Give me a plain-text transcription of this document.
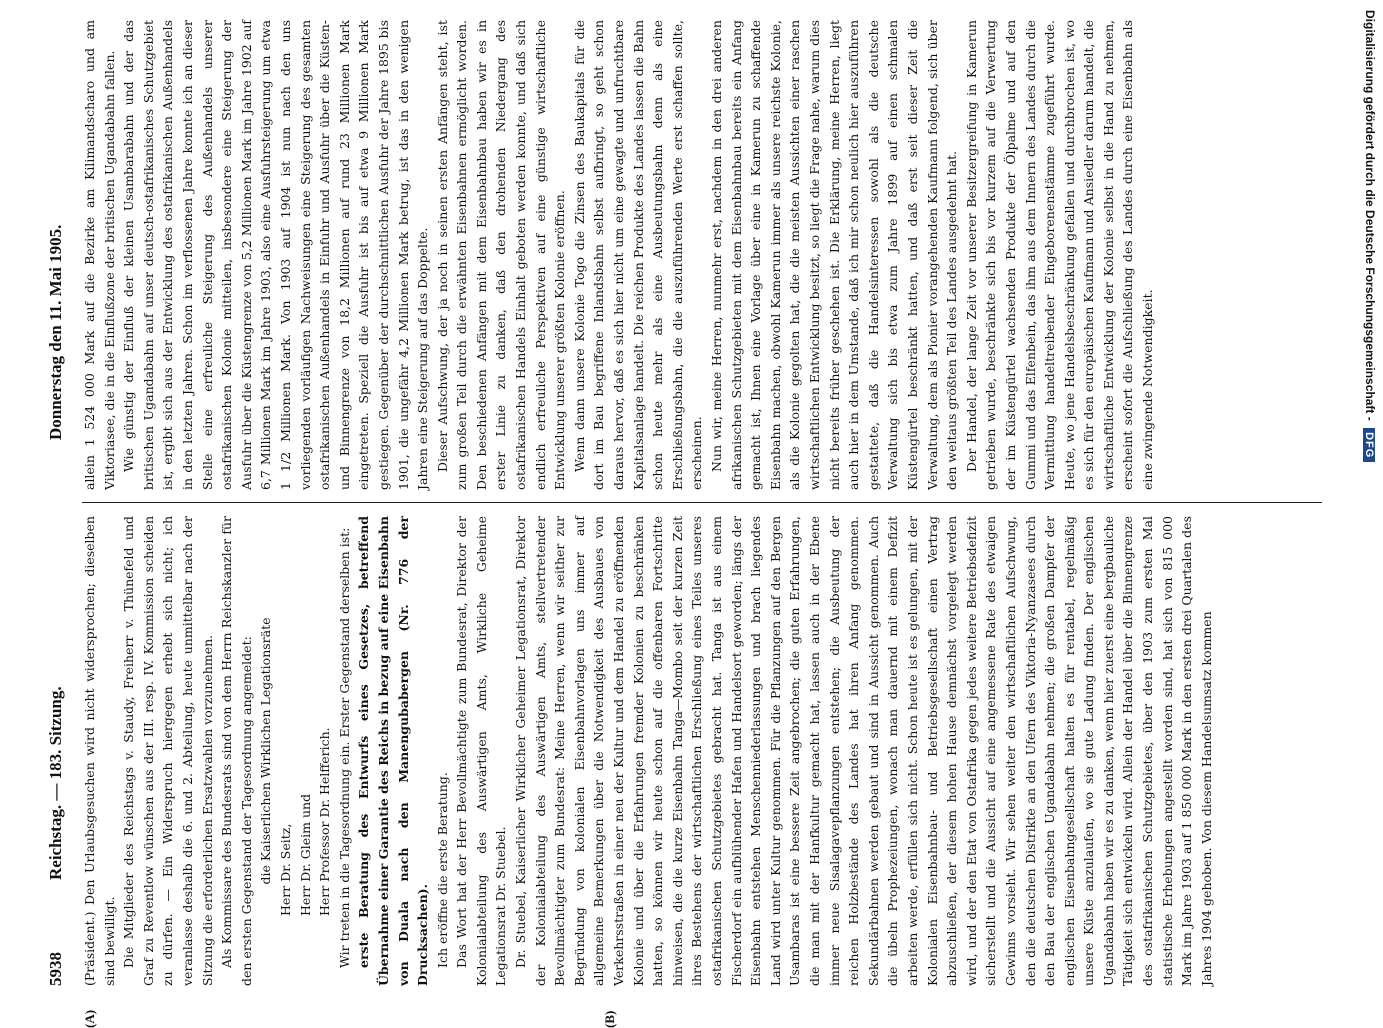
5938
Reichstag. — 183. Sitzung.
Donnerstag den 11. Mai 1905.
(A)	(B)

(Präsident.) Den Urlaubsgesuchen wird nicht widersprochen; dieselben sind bewilligt. Die Mitglieder des Reichstags v. Staudy, Freiherr v. Thünefeld und Graf zu Reventlow wünschen aus der III. resp. IV. Kommission scheiden zu dürfen. — Ein Widerspruch hiergegen erhebt sich nicht; ich veranlasse deshalb die 6. und 2. Abteilung, heute unmittelbar nach der Sitzung die erforderlichen Ersatzwahlen vorzunehmen. Als Kommissare des Bundesrats sind von dem Herrn Reichskanzler für den ersten Gegenstand der Tagesordnung angemeldet: die Kaiserlichen Wirklichen Legationsräte Herr Dr. Seitz, Herr Dr. Gleim und Herr Professor Dr. Helfferich. Wir treten in die Tagesordnung ein. Erster Gegenstand derselben ist: erste Beratung des Entwurfs eines Gesetzes, betreffend Übernahme einer Garantie des Reichs in bezug auf eine Eisenbahn von Duala nach den Manengubabergen (Nr. 776 der Drucksachen). Ich eröffne die erste Beratung. Das Wort hat der Herr Bevollmächtigte zum Bundesrat, Direktor der Kolonialabteilung des Auswärtigen Amts, Wirkliche Geheime Legationsrat Dr. Stuebel. Dr. Stuebel, Kaiserlicher Wirklicher Geheimer Legationsrat, Direktor der Kolonialabteilung des Auswärtigen Amts, stellvertretender Bevollmächtigter zum Bundesrat: Meine Herren, wenn wir seither zur Begründung von kolonialen Eisenbahnvorlagen uns immer auf allgemeine Bemerkungen über die Notwendigkeit des Ausbaues von Verkehrsstraßen in einer neu der Kultur und dem Handel zu eröffnenden Kolonie und über die Erfahrungen fremder Kolonien zu beschränken hatten, so können wir heute schon auf die offenbaren Fortschritte hinweisen, die die kurze Eisenbahn Tanga—Mombo seit der kurzen Zeit ihres Bestehens der wirtschaftlichen Erschließung eines Teiles unseres ostafrikanischen Schutzgebietes gebracht hat. Tanga ist aus einem Fischerdorf ein aufblühender Hafen und Handelsort geworden; längs der Eisenbahn entstehen Menschenniederlassungen und brach liegendes Land wird unter Kultur genommen. Für die Pflanzungen auf den Bergen Usambaras ist eine bessere Zeit angebrochen; die guten Erfahrungen, die man mit der Hanfkultur gemacht hat, lassen auch in der Ebene immer neue Sisalagavepflanzungen entstehen; die Ausbeutung der reichen Holzbestände des Landes hat ihren Anfang genommen. Sekundärbahnen werden gebaut und sind in Aussicht genommen. Auch die übeln Prophezeiungen, wonach man dauernd mit einem Defizit arbeiten werde, erfüllen sich nicht. Schon heute ist es gelungen, mit der Kolonialen Eisenbahnbau- und Betriebsgesellschaft einen Vertrag abzuschließen, der diesem hohen Hause demnächst vorgelegt werden wird, und der den Etat von Ostafrika gegen jedes weitere Betriebsdefizit sicherstellt und die Aussicht auf eine angemessene Rate des etwaigen Gewinns vorsieht. Wir sehen weiter den wirtschaftlichen Aufschwung, den die deutschen Distrikte an den Ufern des Viktoria-Nyanzasees durch den Bau der englischen Ugandabahn nehmen; die großen Dampfer der englischen Eisenbahngesellschaft halten es für rentabel, regelmäßig unsere Küste anzulaufen, wo sie gute Ladung finden. Der englischen Ugandabahn haben wir es zu danken, wenn hier zuerst eine bergbauliche Tätigkeit sich entwickeln wird. Allein der Handel über die Binnengrenze des ostafrikanischen Schutzgebietes, über den 1903 zum ersten Mal statistische Erhebungen angestellt worden sind, hat sich von 815 000 Mark im Jahre 1903 auf 1 850 000 Mark in den ersten drei Quartalen des Jahres 1904 gehoben. Von diesem Handelsumsatz kommen

allein 1 524 000 Mark auf die Bezirke am Kilimandscharo und am Viktoriasee, die in die Einflußzone der britischen Ugandabahn fallen. Wie günstig der Einfluß der kleinen Usambarabahn und der das britischen Ugandabahn auf unser deutsch-ostafrikanisches Schutzgebiet ist, ergibt sich aus der Entwicklung des ostafrikanischen Außenhandels in den letzten Jahren. Schon im verflossenen Jahre konnte ich an dieser Stelle eine erfreuliche Steigerung des Außenhandels unserer ostafrikanischen Kolonie mitteilen, insbesondere eine Steigerung der Ausfuhr über die Küstengrenze von 5,2 Millionen Mark im Jahre 1902 auf 6,7 Millionen Mark im Jahre 1903, also eine Ausfuhrsteigerung um etwa 1 1/2 Millionen Mark. Von 1903 auf 1904 ist nun nach den uns vorliegenden vorläufigen Nachweisungen eine Steigerung des gesamten ostafrikanischen Außenhandels in Einfuhr und Ausfuhr über die Küsten- und Binnengrenze von 18,2 Millionen auf rund 23 Millionen Mark eingetreten. Speziell die Ausfuhr ist bis auf etwa 9 Millionen Mark gestiegen. Gegenüber der durchschnittlichen Ausfuhr der Jahre 1895 bis 1901, die ungefähr 4,2 Millionen Mark betrug, ist das in den wenigen Jahren eine Steigerung auf das Doppelte. Dieser Aufschwung, der ja noch in seinen ersten Anfängen steht, ist zum großen Teil durch die erwähnten Eisenbahnen ermöglicht worden. Den beschiedenen Anfängen mit dem Eisenbahnbau haben wir es in erster Linie zu danken, daß den drohenden Niedergang des ostafrikanischen Handels Einhalt geboten werden konnte, und daß sich endlich erfreuliche Perspektiven auf eine günstige wirtschaftliche Entwicklung unserer größten Kolonie eröffnen. Wenn dann unsere Kolonie Togo die Zinsen des Baukapitals für die dort im Bau begriffene Inlandsbahn selbst aufbringt, so geht schon daraus hervor, daß es sich hier nicht um eine gewagte und unfruchtbare Kapitalsanlage handelt. Die reichen Produkte des Landes lassen die Bahn schon heute mehr als eine Ausbeutungsbahn denn als eine Erschließungsbahn, die die auszuführenden Werte erst schaffen sollte, erscheinen. Nun wir, meine Herren, nunmehr erst, nachdem in den drei anderen afrikanischen Schutzgebieten mit dem Eisenbahnbau bereits ein Anfang gemacht ist, Ihnen eine Vorlage über eine in Kamerun zu schaffende Eisenbahn machen, obwohl Kamerun immer als unsere reichste Kolonie, als die Kolonie gegolten hat, die die meisten Aussichten einer raschen wirtschaftlichen Entwicklung besitzt, so liegt die Frage nahe, warum dies nicht bereits früher geschehen ist. Die Erklärung, meine Herren, liegt auch hier in dem Umstande, daß ich mir schon neulich hier auszuführen gestattete, daß die Handelsinteressen sowohl als die deutsche Verwaltung sich bis etwa zum Jahre 1899 auf einen schmalen Küstengürtel beschränkt hatten, und daß erst seit dieser Zeit die Verwaltung, dem als Pionier vorangehenden Kaufmann folgend, sich über den weitaus größten Teil des Landes ausgedehnt hat. Der Handel, der lange Zeit vor unserer Besitzergreifung in Kamerun getrieben wurde, beschränkte sich bis vor kurzem auf die Verwertung der im Küstengürtel wachsenden Produkte der Ölpalme und auf den Gummi und das Elfenbein, das ihm aus dem Innern des Landes durch die Vermittlung handeltreibender Eingeborenenstämme zugeführt wurde. Heute, wo jene Handelsbeschränkung gefallen und durchbrochen ist, wo es sich für den europäischen Kaufmann und Ansiedler darum handelt, die wirtschaftliche Entwicklung der Kolonie selbst in die Hand zu nehmen, erscheint sofort die Aufschließung des Landes durch eine Eisenbahn als eine zwingende Notwendigkeit.	Digitalisierung gefördert durch die Deutsche Forschungsgemeinschaft - DFG
